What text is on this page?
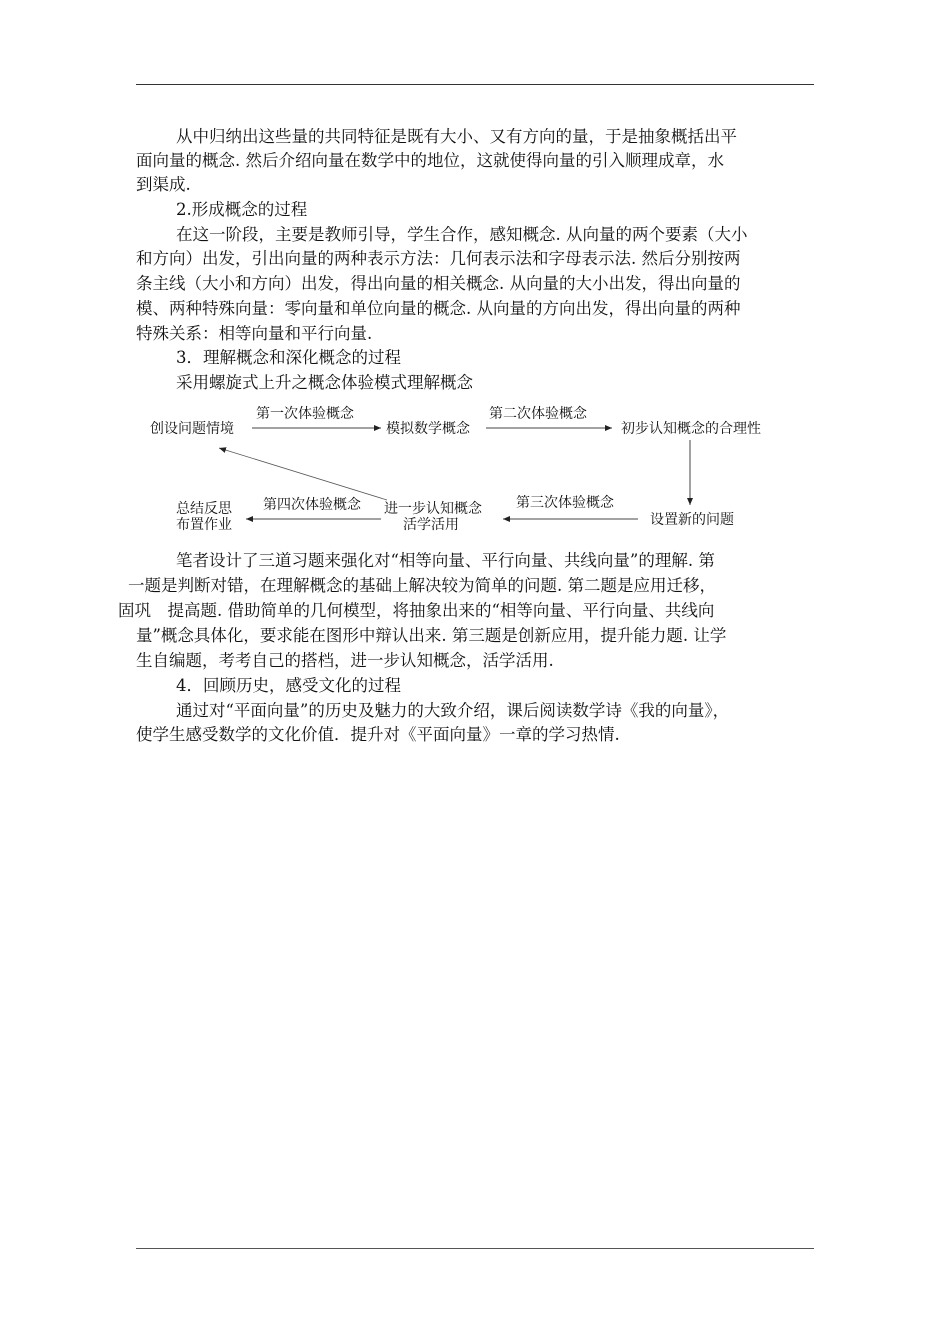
从中归纳出这些量的共同特征是既有大小、又有方向的量，于是抽象概括出平
面向量的概念. 然后介绍向量在数学中的地位，这就使得向量的引入顺理成章，水
到渠成.
2.形成概念的过程
在这一阶段，主要是教师引导，学生合作，感知概念. 从向量的两个要素（大小
和方向）出发，引出向量的两种表示方法：几何表示法和字母表示法. 然后分别按两
条主线（大小和方向）出发，得出向量的相关概念. 从向量的大小出发，得出向量的
模、两种特殊向量：零向量和单位向量的概念. 从向量的方向出发，得出向量的两种
特殊关系：相等向量和平行向量.
3．理解概念和深化概念的过程
采用螺旋式上升之概念体验模式理解概念
创设问题情境
第一次体验概念
模拟数学概念
第二次体验概念
初步认知概念的合理性
设置新的问题
第三次体验概念
进一步认知概念
活学活用
第四次体验概念
总结反思
布置作业
笔者设计了三道习题来强化对“相等向量、平行向量、共线向量”的理解. 第
一题是判断对错，在理解概念的基础上解决较为简单的问题. 第二题是应用迁移，
固巩　提高题. 借助简单的几何模型，将抽象出来的“相等向量、平行向量、共线向
量”概念具体化，要求能在图形中辩认出来. 第三题是创新应用，提升能力题. 让学
生自编题，考考自己的搭档，进一步认知概念，活学活用.
4．回顾历史，感受文化的过程
通过对“平面向量”的历史及魅力的大致介绍，课后阅读数学诗《我的向量》，
使学生感受数学的文化价值．提升对《平面向量》一章的学习热情.
